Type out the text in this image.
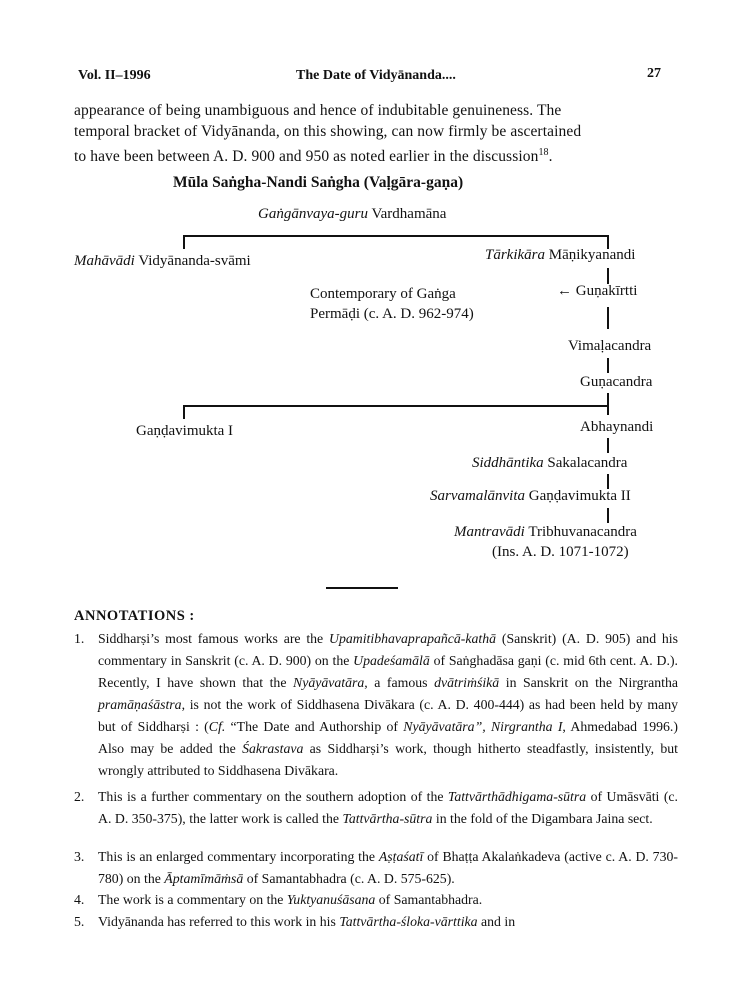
Vol. II–1996	The Date of Vidyānanda....	27
appearance of being unambiguous and hence of indubitable genuineness. The
temporal bracket of Vidyānanda, on this showing, can now firmly be ascertained
to have been between A. D. 900 and 950 as noted earlier in the discussion$^{18}$.
Mūla Saṅgha-Nandi Saṅgha (Vaḷgāra-gaṇa)
Gaṅgānvaya-guru Vardhamāna
Mahāvādi Vidyānanda-svāmi	Tārkikāra Māṇikyanandi
Contemporary of Gaṅga
Permāḍi (c. A. D. 962-974)
← Guṇakīrtti
Vimaḷacandra
Guṇacandra
Gaṇḍavimukta I	Abhaynandi
Siddhāntika Sakalacandra
Sarvamalānvita Gaṇḍavimukta II
Mantravādi Tribhuvanacandra
(Ins. A. D. 1071-1072)
ANNOTATIONS :
1. Siddharṣi’s most famous works are the Upamitibhavaprapañcā-kathā (Sanskrit) (A. D. 905) and his commentary in Sanskrit (c. A. D. 900) on the Upadeśamālā of Saṅghadāsa gaṇi (c. mid 6th cent. A. D.). Recently, I have shown that the Nyāyāvatāra, a famous dvātriṁśikā in Sanskrit on the Nirgrantha pramāṇaśāstra, is not the work of Siddhasena Divākara (c. A. D. 400-444) as had been held by many but of Siddharṣi : (Cf. “The Date and Authorship of Nyāyāvatāra”, Nirgrantha I, Ahmedabad 1996.) Also may be added the Śakrastava as Siddharṣi’s work, though hitherto steadfastly, insistently, but wrongly attributed to Siddhasena Divākara.
2. This is a further commentary on the southern adoption of the Tattvārthādhigama-sūtra of Umāsvāti (c. A. D. 350-375), the latter work is called the Tattvārtha-sūtra in the fold of the Digambara Jaina sect.
3. This is an enlarged commentary incorporating the Aṣṭaśatī of Bhaṭṭa Akalaṅkadeva (active c. A. D. 730-780) on the Āptamīmāṁsā of Samantabhadra (c. A. D. 575-625).
4. The work is a commentary on the Yuktyanuśāsana of Samantabhadra.
5. Vidyānanda has referred to this work in his Tattvārtha-śloka-vārttika and in
